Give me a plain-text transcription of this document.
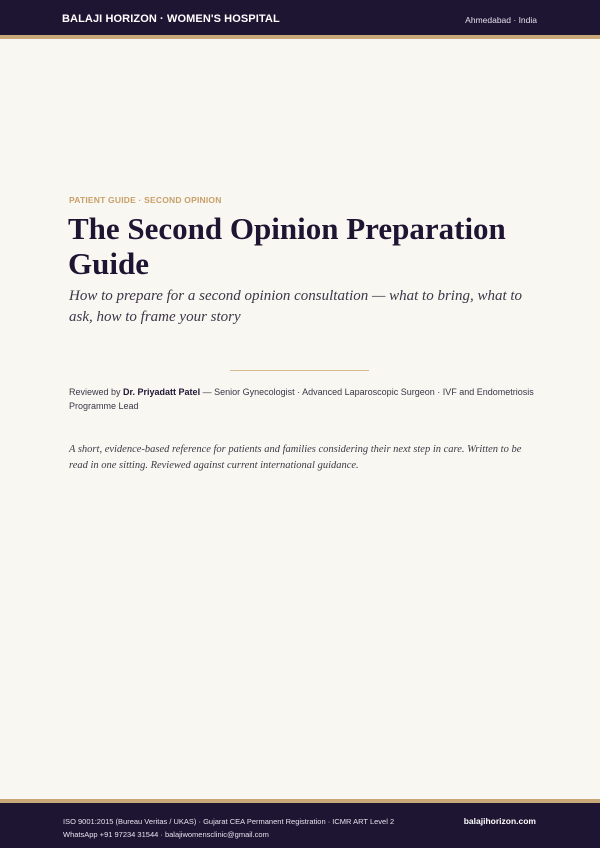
BALAJI HORIZON · WOMEN'S HOSPITAL	Ahmedabad · India
PATIENT GUIDE · SECOND OPINION
The Second Opinion Preparation Guide

How to prepare for a second opinion consultation — what to bring, what to ask, how to frame your story

Reviewed by Dr. Priyadatt Patel — Senior Gynecologist · Advanced Laparoscopic Surgeon · IVF and Endometriosis Programme Lead

A short, evidence-based reference for patients and families considering their next step in care. Written to be read in one sitting. Reviewed against current international guidance.

ISO 9001:2015 (Bureau Veritas / UKAS) · Gujarat CEA Permanent Registration · ICMR ART Level 2
WhatsApp +91 97234 31544 · balajiwomensclinic@gmail.com
balajihorizon.com
